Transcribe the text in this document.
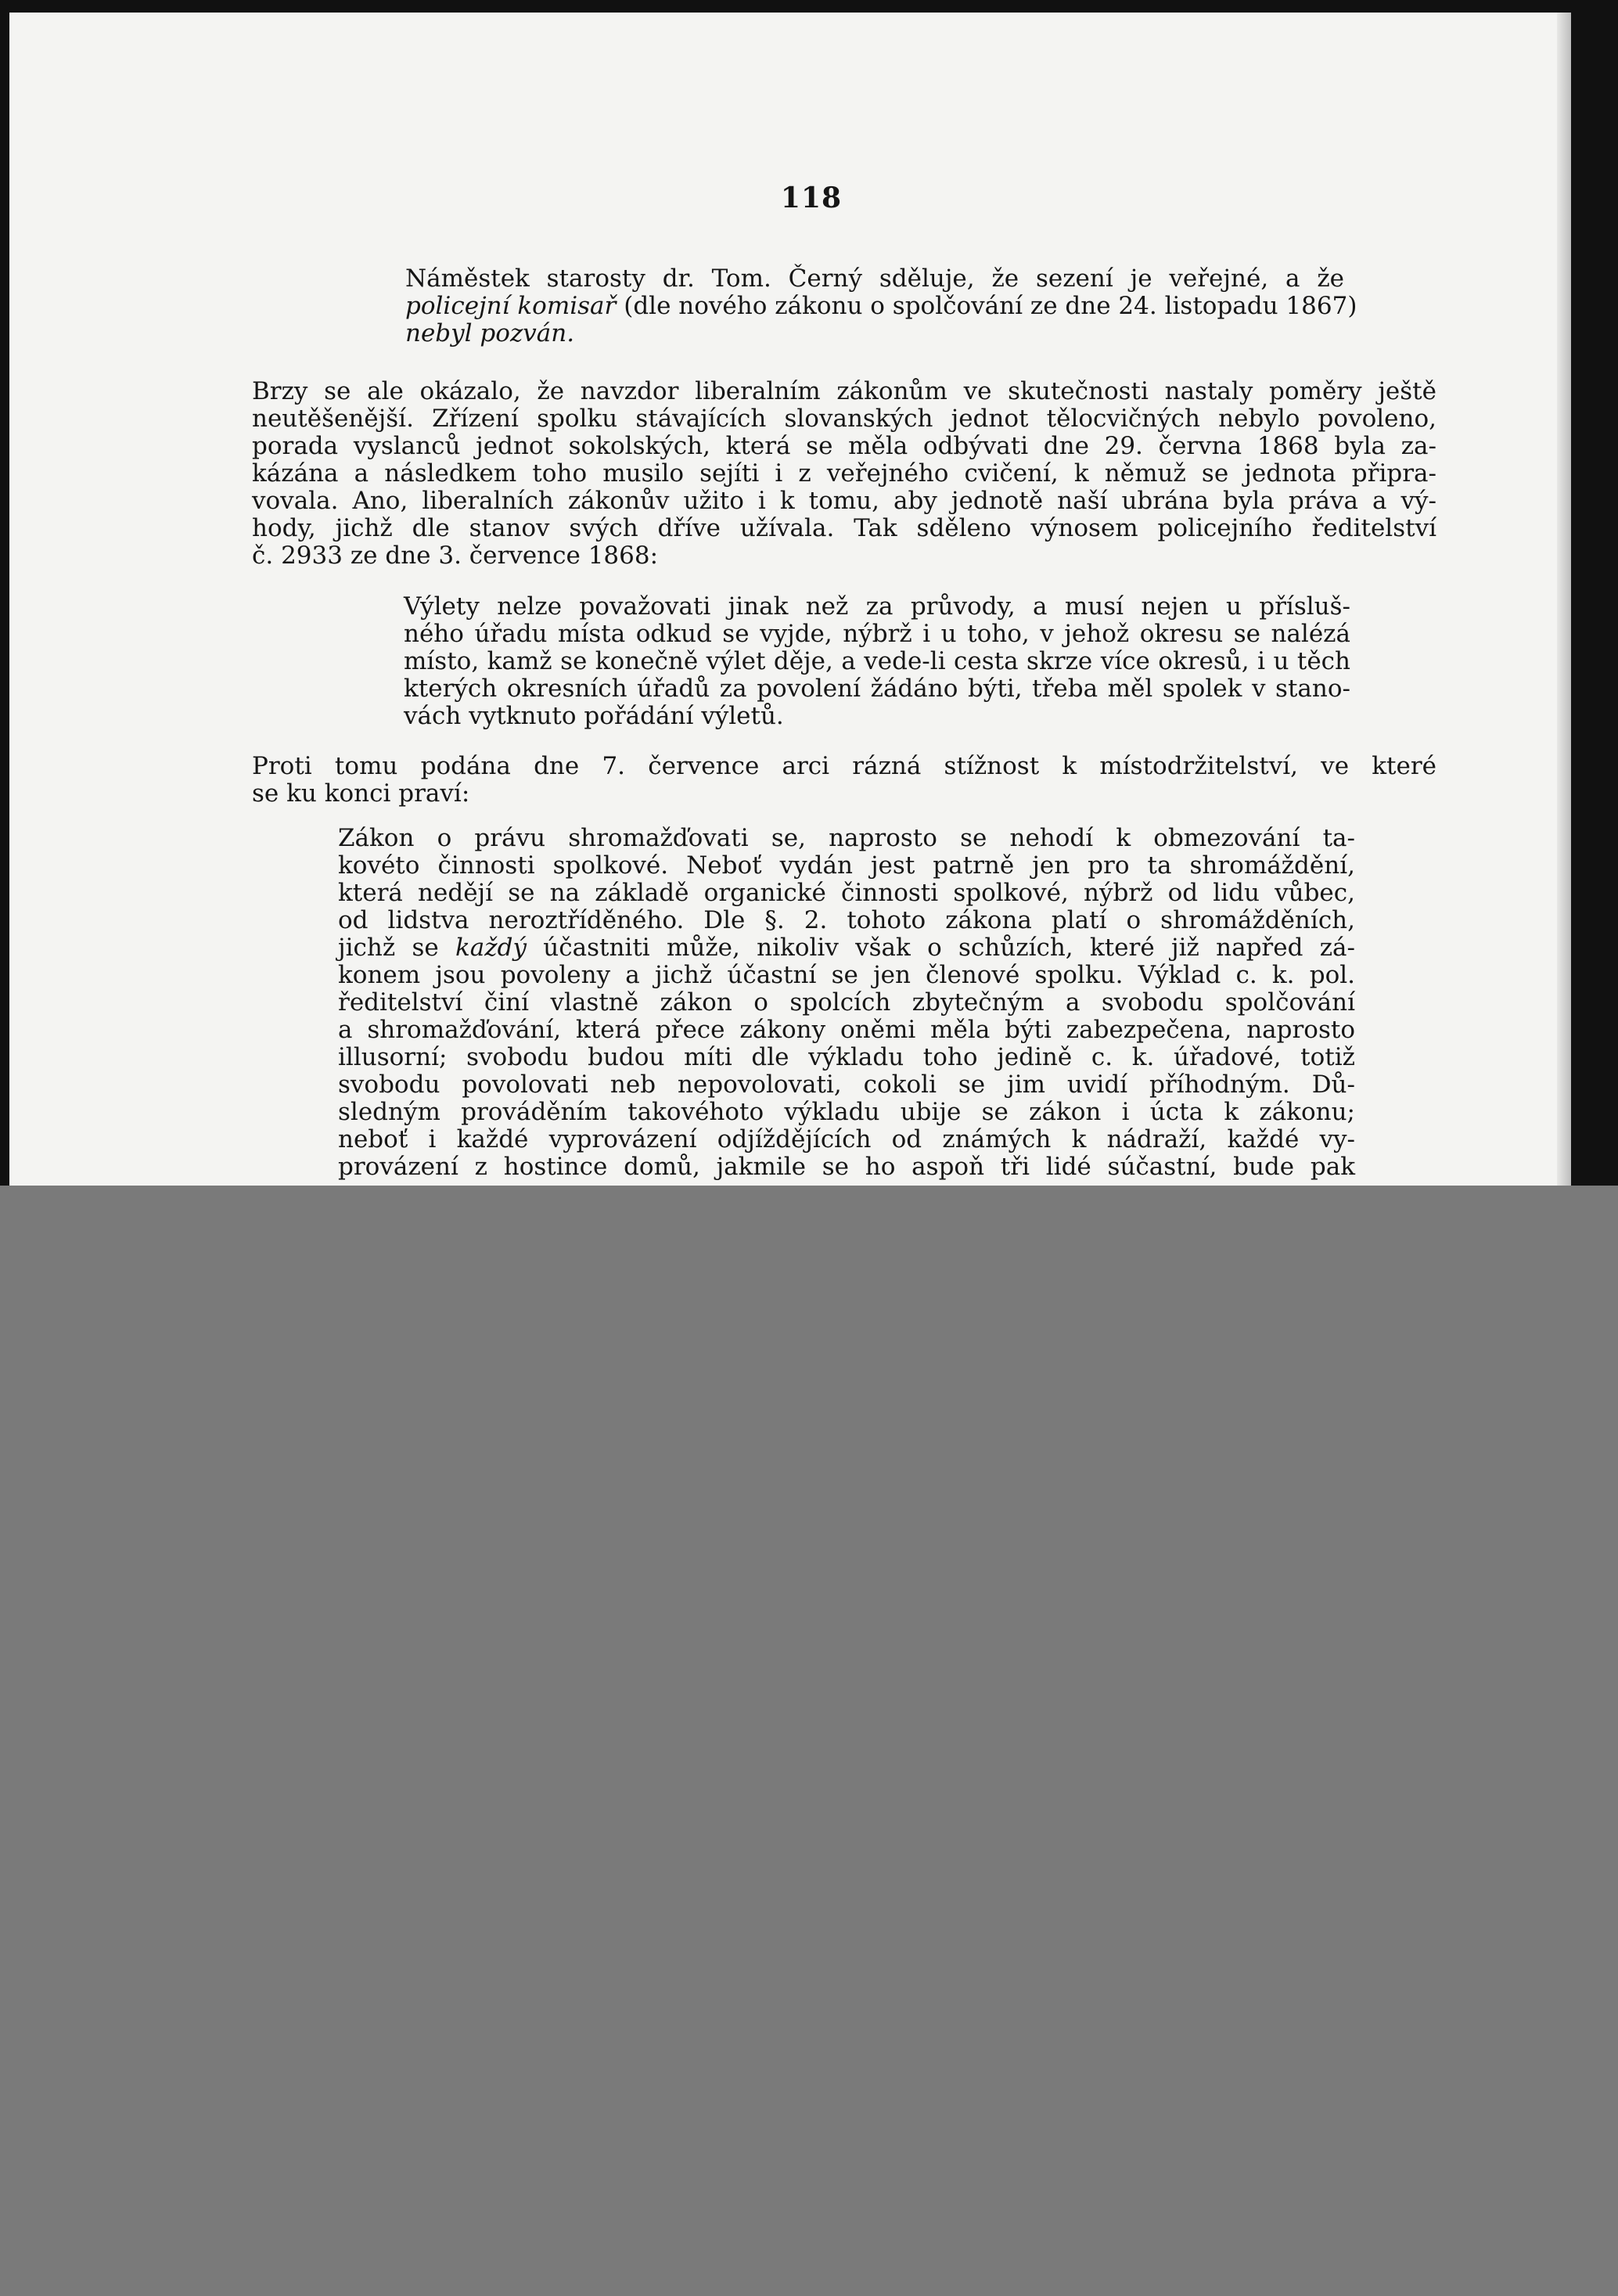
118

Náměstek starosty dr. Tom. Černý sděluje, že sezení je veřejné, a že
policejní komisař (dle nového zákonu o spolčování ze dne 24. listopadu 1867)
nebyl pozván.

Brzy se ale okázalo, že navzdor liberalním zákonům ve skutečnosti nastaly poměry ještě
neutěšenější. Zřízení spolku stávajících slovanských jednot tělocvičných nebylo povoleno,
porada vyslanců jednot sokolských, která se měla odbývati dne 29. června 1868 byla za-
kázána a následkem toho musilo sejíti i z veřejného cvičení, k němuž se jednota připra-
vovala. Ano, liberalních zákonův užito i k tomu, aby jednotě naší ubrána byla práva a vý-
hody, jichž dle stanov svých dříve užívala. Tak sděleno výnosem policejního ředitelství
č. 2933 ze dne 3. července 1868:

Výlety nelze považovati jinak než za průvody, a musí nejen u přísluš-
ného úřadu místa odkud se vyjde, nýbrž i u toho, v jehož okresu se nalézá
místo, kamž se konečně výlet děje, a vede-li cesta skrze více okresů, i u těch
kterých okresních úřadů za povolení žádáno býti, třeba měl spolek v stano-
vách vytknuto pořádání výletů.

Proti tomu podána dne 7. července arci rázná stížnost k místodržitelství, ve které
se ku konci praví:

Zákon o právu shromažďovati se, naprosto se nehodí k obmezování ta-
kovéto činnosti spolkové. Neboť vydán jest patrně jen pro ta shromáždění,
která nedějí se na základě organické činnosti spolkové, nýbrž od lidu vůbec,
od lidstva neroztříděného. Dle §. 2. tohoto zákona platí o shromážděních,
jichž se každý účastniti může, nikoliv však o schůzích, které již napřed zá-
konem jsou povoleny a jichž účastní se jen členové spolku. Výklad c. k. pol.
ředitelství činí vlastně zákon o spolcích zbytečným a svobodu spolčování
a shromažďování, která přece zákony oněmi měla býti zabezpečena, naprosto
illusorní; svobodu budou míti dle výkladu toho jedině c. k. úřadové, totiž
svobodu povolovati neb nepovolovati, cokoli se jim uvidí příhodným. Dů-
sledným prováděním takovéhoto výkladu ubije se zákon i úcta k zákonu;
neboť i každé vyprovázení odjíždějících od známých k nádraží, každé vy-
provázení z hostince domů, jakmile se ho aspoň tři lidé súčastní, bude pak
